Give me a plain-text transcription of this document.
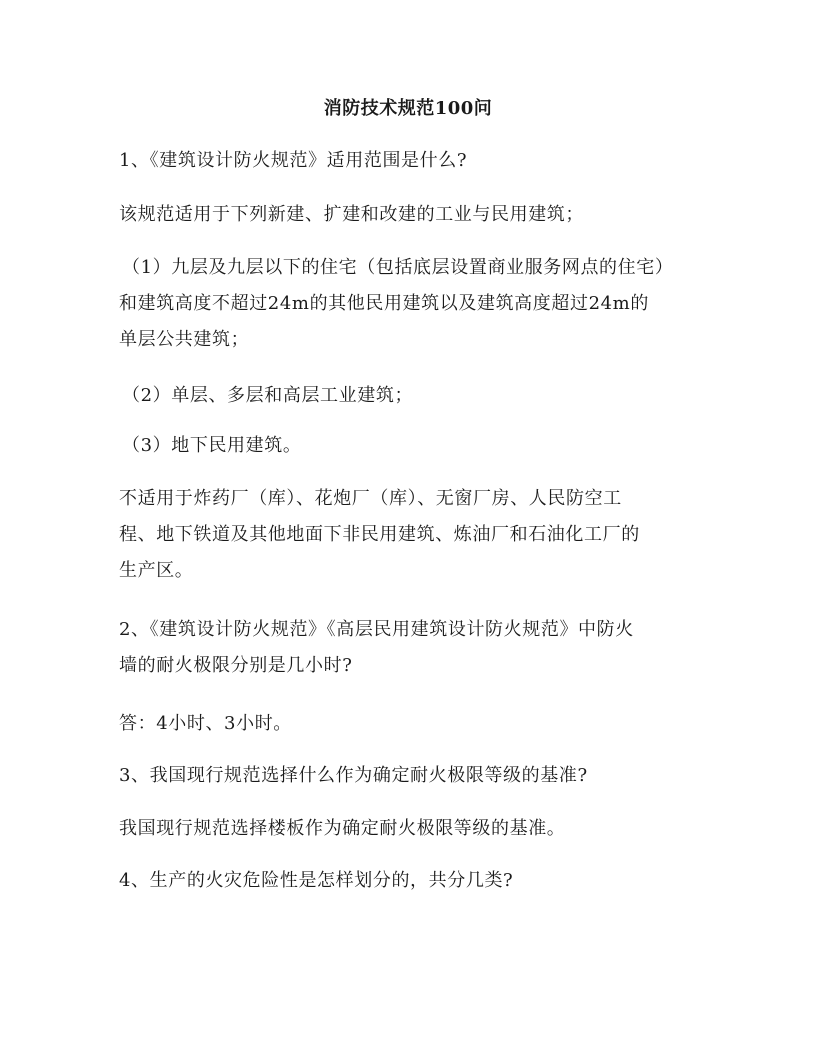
消防技术规范100问
1、《建筑设计防火规范》适用范围是什么?
该规范适用于下列新建、扩建和改建的工业与民用建筑；
（1）九层及九层以下的住宅（包括底层设置商业服务网点的住宅）
和建筑高度不超过24m的其他民用建筑以及建筑高度超过24m的
单层公共建筑；
（2）单层、多层和高层工业建筑；
（3）地下民用建筑。
不适用于炸药厂（库）、花炮厂（库）、无窗厂房、人民防空工
程、地下铁道及其他地面下非民用建筑、炼油厂和石油化工厂的
生产区。
2、《建筑设计防火规范》《高层民用建筑设计防火规范》中防火
墙的耐火极限分别是几小时?
答：4小时、3小时。
3、我国现行规范选择什么作为确定耐火极限等级的基准?
我国现行规范选择楼板作为确定耐火极限等级的基准。
4、生产的火灾危险性是怎样划分的，共分几类?
